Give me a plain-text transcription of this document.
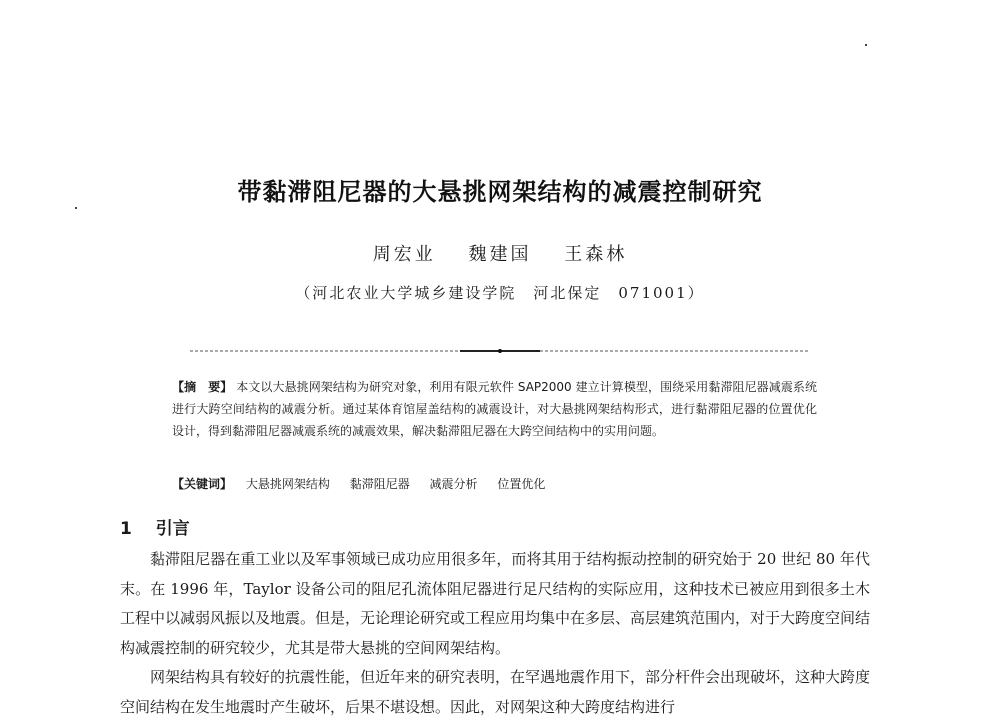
带黏滞阻尼器的大悬挑网架结构的减震控制研究
周宏业 魏建国 王森林
（河北农业大学城乡建设学院　河北保定　071001）
【摘　要】 本文以大悬挑网架结构为研究对象，利用有限元软件 SAP2000 建立计算模型，围绕采用黏滞阻尼器减震系统进行大跨空间结构的减震分析。通过某体育馆屋盖结构的减震设计，对大悬挑网架结构形式，进行黏滞阻尼器的位置优化设计，得到黏滞阻尼器减震系统的减震效果，解决黏滞阻尼器在大跨空间结构中的实用问题。
【关键词】 大悬挑网架结构 黏滞阻尼器 减震分析 位置优化
1 引言

黏滞阻尼器在重工业以及军事领域已成功应用很多年，而将其用于结构振动控制的研究始于 20 世纪 80 年代末。在 1996 年，Taylor 设备公司的阻尼孔流体阻尼器进行足尺结构的实际应用，这种技术已被应用到很多土木工程中以减弱风振以及地震。但是，无论理论研究或工程应用均集中在多层、高层建筑范围内，对于大跨度空间结构减震控制的研究较少，尤其是带大悬挑的空间网架结构。

网架结构具有较好的抗震性能，但近年来的研究表明，在罕遇地震作用下，部分杆件会出现破坏，这种大跨度空间结构在发生地震时产生破坏，后果不堪设想。因此，对网架这种大跨度结构进行
